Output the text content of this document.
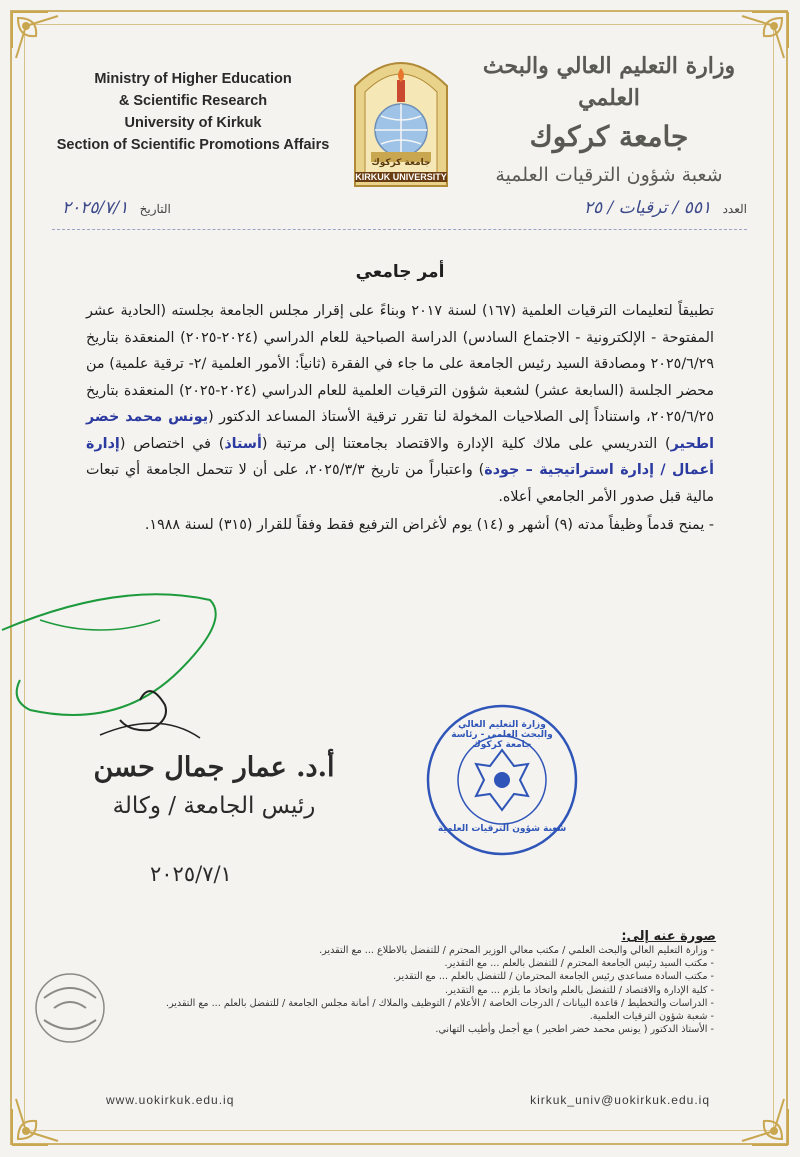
Ministry of Higher Education
& Scientific Research
University of Kirkuk
Section of Scientific Promotions Affairs
جامعة كركوك
KIRKUK UNIVERSITY
وزارة التعليم العالي والبحث العلمي
جامعة كركوك
شعبة شؤون الترقيات العلمية
العدد ٥٥١ / ترقيات / ٢٥
التاريخ ٢٠٢٥/٧/١
أمر جامعي

تطبيقاً لتعليمات الترقيات العلمية (١٦٧) لسنة ٢٠١٧ وبناءً على إقرار مجلس الجامعة بجلسته (الحادية عشر المفتوحة - الإلكترونية - الاجتماع السادس) الدراسة الصباحية للعام الدراسي (٢٠٢٤-٢٠٢٥) المنعقدة بتاريخ ٢٠٢٥/٦/٢٩ ومصادقة السيد رئيس الجامعة على ما جاء في الفقرة (ثانياً: الأمور العلمية /٢- ترقية علمية) من محضر الجلسة (السابعة عشر) لشعبة شؤون الترقيات العلمية للعام الدراسي (٢٠٢٤-٢٠٢٥) المنعقدة بتاريخ ٢٠٢٥/٦/٢٥، واستناداً إلى الصلاحيات المخولة لنا تقرر ترقية الأستاذ المساعد الدكتور (يونس محمد خضر اطحير) التدريسي على ملاك كلية الإدارة والاقتصاد بجامعتنا إلى مرتبة (أستاذ) في اختصاص (إدارة أعمال / إدارة استراتيجية – جودة) واعتباراً من تاريخ ٢٠٢٥/٣/٣، على أن لا تتحمل الجامعة أي تبعات مالية قبل صدور الأمر الجامعي أعلاه.

- يمنح قدماً وظيفاً مدته (٩) أشهر و (١٤) يوم لأغراض الترفيع فقط وفقاً للقرار (٣١٥) لسنة ١٩٨٨.

أ.د. عمار جمال حسن
رئيس الجامعة / وكالة
٢٠٢٥/٧/١
وزارة التعليم العالي والبحث العلمي - رئاسة جامعة كركوك
شعبة شؤون الترقيات العلمية
صورة عنه إلى:
- وزارة التعليم العالي والبحث العلمي / مكتب معالي الوزير المحترم / للتفضل بالاطلاع ... مع التقدير.
- مكتب السيد رئيس الجامعة المحترم / للتفضل بالعلم ... مع التقدير.
- مكتب السادة مساعدي رئيس الجامعة المحترمان / للتفضل بالعلم ... مع التقدير.
- كلية الإدارة والاقتصاد / للتفضل بالعلم واتخاذ ما يلزم ... مع التقدير.
- الدراسات والتخطيط / قاعدة البيانات / الدرجات الخاصة / الأعلام / التوظيف والملاك / أمانة مجلس الجامعة / للتفضل بالعلم ... مع التقدير.
- شعبة شؤون الترقيات العلمية.
- الأستاذ الدكتور ( يونس محمد خضر اطحير ) مع أجمل وأطيب التهاني.
www.uokirkuk.edu.iq	kirkuk_univ@uokirkuk.edu.iq
